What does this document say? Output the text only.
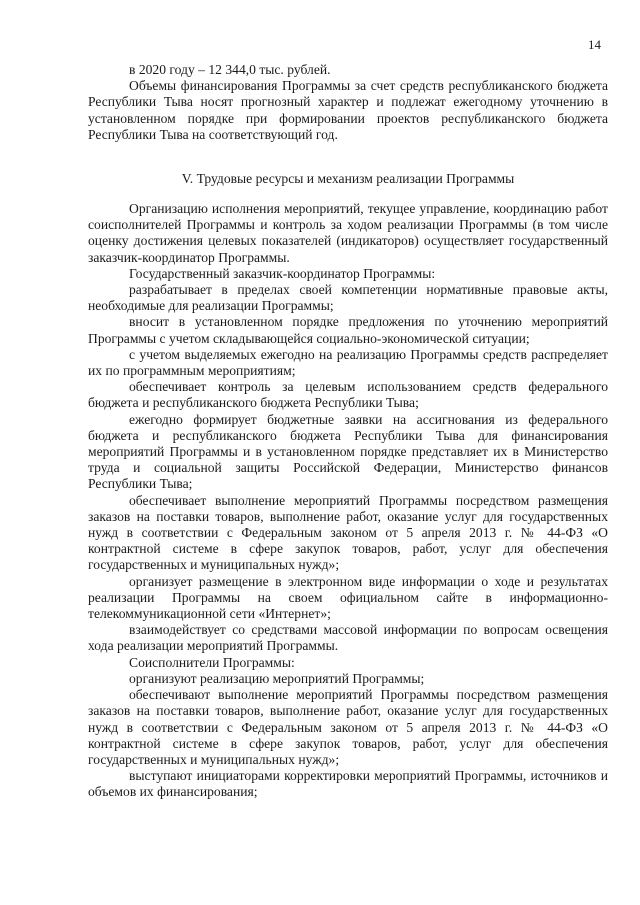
14

в 2020 году – 12 344,0 тыс. рублей.

Объемы финансирования Программы за счет средств республиканского бюджета Республики Тыва носят прогнозный характер и подлежат ежегодному уточнению в установленном порядке при формировании проектов республиканского бюджета Республики Тыва на соответствующий год.

V. Трудовые ресурсы и механизм реализации Программы

Организацию исполнения мероприятий, текущее управление, координацию работ соисполнителей Программы и контроль за ходом реализации Программы (в том числе оценку достижения целевых показателей (индикаторов) осуществляет государственный заказчик-координатор Программы.

Государственный заказчик-координатор Программы:

разрабатывает в пределах своей компетенции нормативные правовые акты, необходимые для реализации Программы;

вносит в установленном порядке предложения по уточнению мероприятий Программы с учетом складывающейся социально-экономической ситуации;

с учетом выделяемых ежегодно на реализацию Программы средств распределяет их по программным мероприятиям;

обеспечивает контроль за целевым использованием средств федерального бюджета и республиканского бюджета Республики Тыва;

ежегодно формирует бюджетные заявки на ассигнования из федерального бюджета и республиканского бюджета Республики Тыва для финансирования мероприятий Программы и в установленном порядке представляет их в Министерство труда и социальной защиты Российской Федерации, Министерство финансов Республики Тыва;

обеспечивает выполнение мероприятий Программы посредством размещения заказов на поставки товаров, выполнение работ, оказание услуг для государственных нужд в соответствии с Федеральным законом от 5 апреля 2013 г. № 44-ФЗ «О контрактной системе в сфере закупок товаров, работ, услуг для обеспечения государственных и муниципальных нужд»;

организует размещение в электронном виде информации о ходе и результатах реализации Программы на своем официальном сайте в информационно-телекоммуникационной сети «Интернет»;

взаимодействует со средствами массовой информации по вопросам освещения хода реализации мероприятий Программы.

Соисполнители Программы:

организуют реализацию мероприятий Программы;

обеспечивают выполнение мероприятий Программы посредством размещения заказов на поставки товаров, выполнение работ, оказание услуг для государственных нужд в соответствии с Федеральным законом от 5 апреля 2013 г. № 44-ФЗ «О контрактной системе в сфере закупок товаров, работ, услуг для обеспечения государственных и муниципальных нужд»;

выступают инициаторами корректировки мероприятий Программы, источников и объемов их финансирования;
